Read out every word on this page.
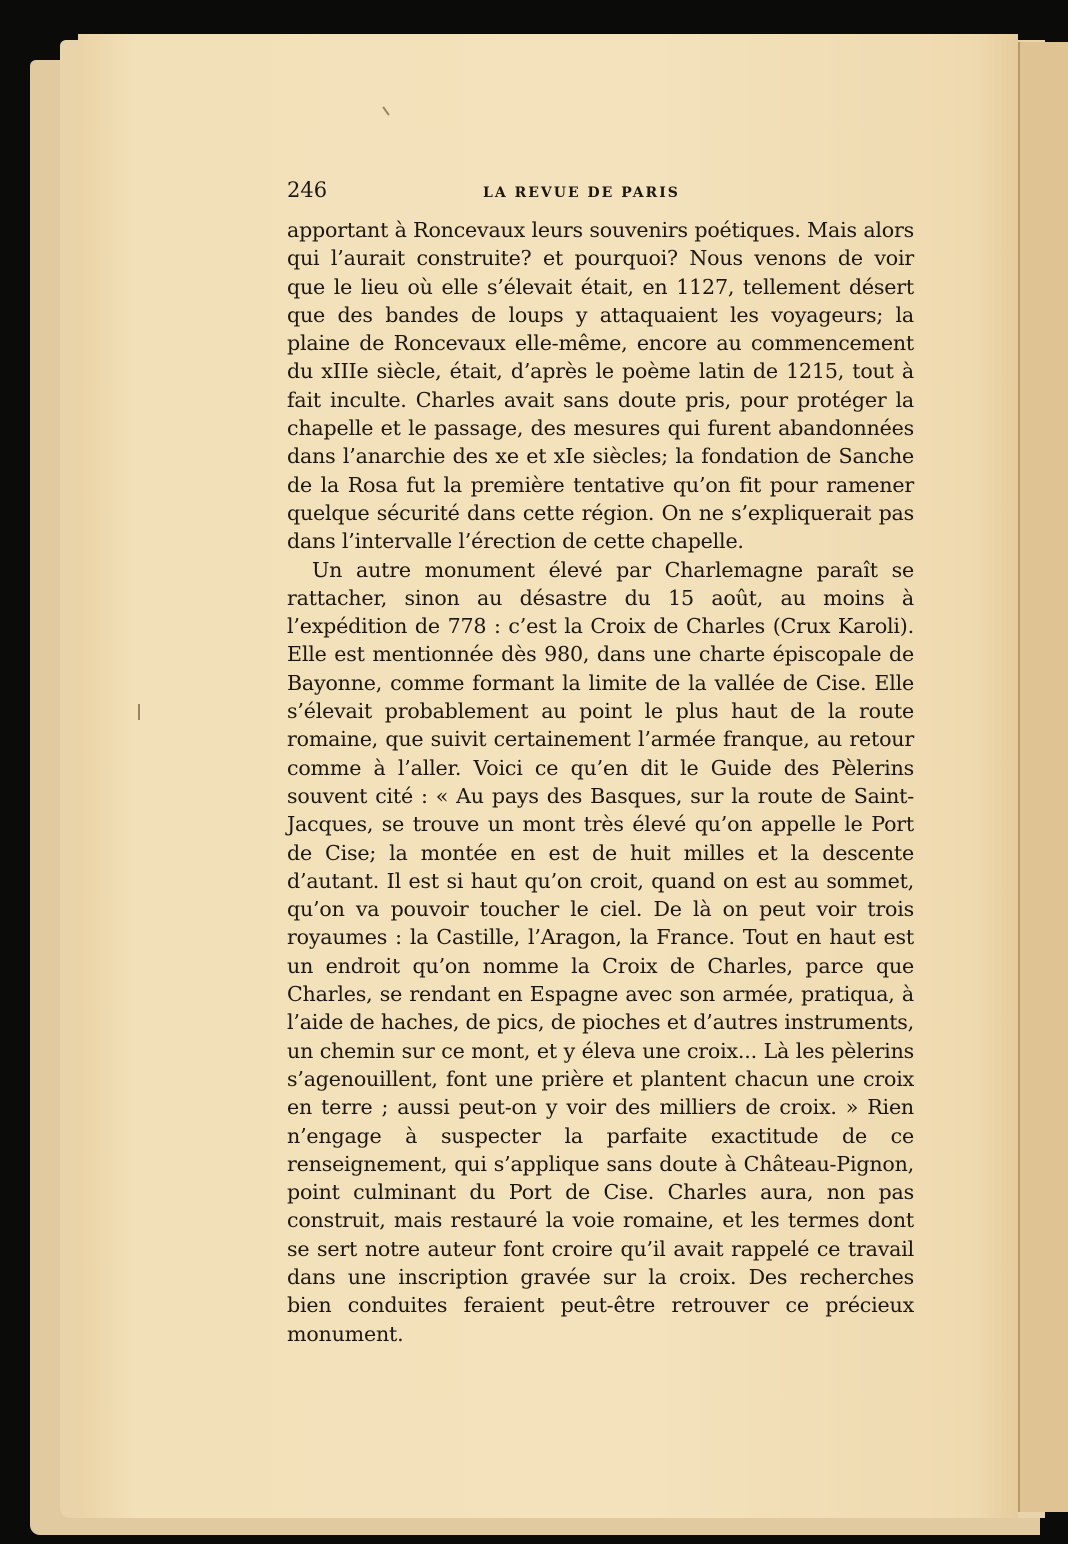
246	LA REVUE DE PARIS

apportant à Roncevaux leurs souvenirs poétiques. Mais alors qui l’aurait construite? et pourquoi? Nous venons de voir que le lieu où elle s’élevait était, en 1127, tellement désert que des bandes de loups y attaquaient les voyageurs; la plaine de Roncevaux elle-même, encore au commencement du xIIIe siècle, était, d’après le poème latin de 1215, tout à fait inculte. Charles avait sans doute pris, pour protéger la chapelle et le passage, des mesures qui furent abandonnées dans l’anarchie des xe et xIe siècles; la fondation de Sanche de la Rosa fut la première tentative qu’on fit pour ramener quelque sécurité dans cette région. On ne s’expliquerait pas dans l’intervalle l’érection de cette chapelle.

Un autre monument élevé par Charlemagne paraît se rattacher, sinon au désastre du 15 août, au moins à l’expédition de 778 : c’est la Croix de Charles (Crux Karoli). Elle est mentionnée dès 980, dans une charte épiscopale de Bayonne, comme formant la limite de la vallée de Cise. Elle s’élevait probablement au point le plus haut de la route romaine, que suivit certainement l’armée franque, au retour comme à l’aller. Voici ce qu’en dit le Guide des Pèlerins souvent cité : « Au pays des Basques, sur la route de Saint-Jacques, se trouve un mont très élevé qu’on appelle le Port de Cise; la montée en est de huit milles et la descente d’autant. Il est si haut qu’on croit, quand on est au sommet, qu’on va pouvoir toucher le ciel. De là on peut voir trois royaumes : la Castille, l’Aragon, la France. Tout en haut est un endroit qu’on nomme la Croix de Charles, parce que Charles, se rendant en Espagne avec son armée, pratiqua, à l’aide de haches, de pics, de pioches et d’autres instruments, un chemin sur ce mont, et y éleva une croix... Là les pèlerins s’agenouillent, font une prière et plantent chacun une croix en terre ; aussi peut-on y voir des milliers de croix. » Rien n’engage à suspecter la parfaite exactitude de ce renseignement, qui s’applique sans doute à Château-Pignon, point culminant du Port de Cise. Charles aura, non pas construit, mais restauré la voie romaine, et les termes dont se sert notre auteur font croire qu’il avait rappelé ce travail dans une inscription gravée sur la croix. Des recherches bien conduites feraient peut-être retrouver ce précieux monument.
